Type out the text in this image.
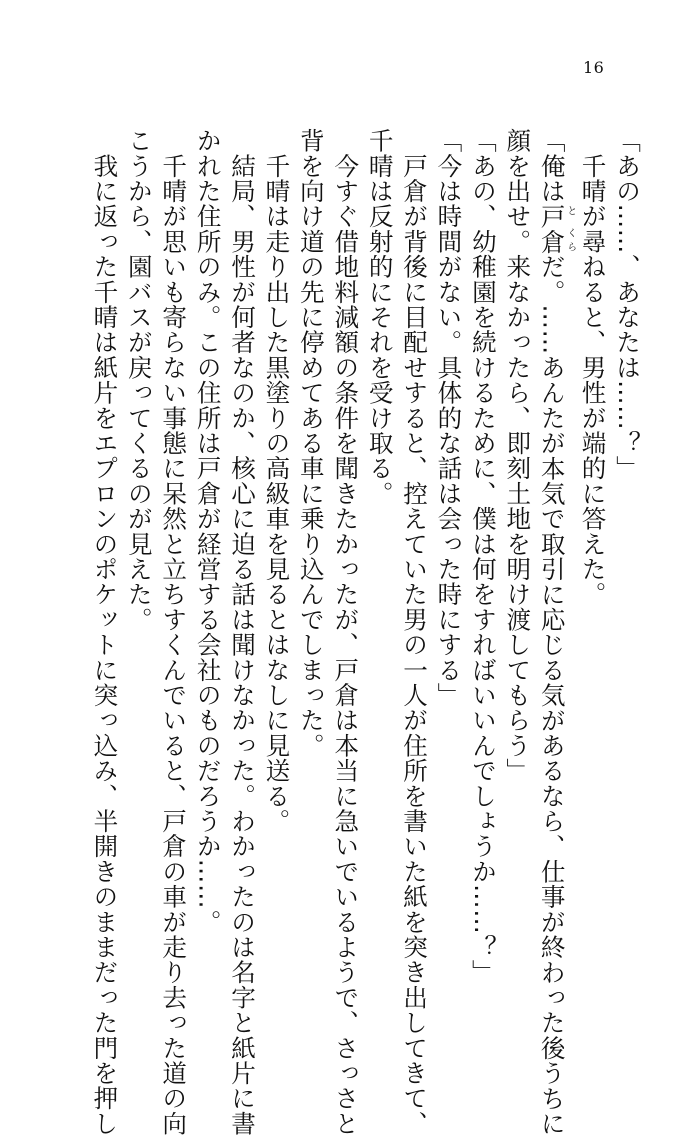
16
「あの……、あなたは……？」
　千晴が尋ねると、男性が端的に答えた。
「俺は戸倉と くらだ。……あんたが本気で取引に応じる気があるなら、仕事が終わった後うちに
顔を出せ。来なかったら、即刻土地を明け渡してもらう」
「あの、幼稚園を続けるために、僕は何をすればいいんでしょうか……？」
「今は時間がない。具体的な話は会った時にする」
　戸倉が背後に目配せすると、控えていた男の一人が住所を書いた紙を突き出してきて、
千晴は反射的にそれを受け取る。
　今すぐ借地料減額の条件を聞きたかったが、戸倉は本当に急いでいるようで、さっさと
背を向け道の先に停めてある車に乗り込んでしまった。
　千晴は走り出した黒塗りの高級車を見るとはなしに見送る。
　結局、男性が何者なのか、核心に迫る話は聞けなかった。わかったのは名字と紙片に書
かれた住所のみ。この住所は戸倉が経営する会社のものだろうか……。
　千晴が思いも寄らない事態に呆然と立ちすくんでいると、戸倉の車が走り去った道の向
こうから、園バスが戻ってくるのが見えた。
　我に返った千晴は紙片をエプロンのポケットに突っ込み、半開きのままだった門を押し
